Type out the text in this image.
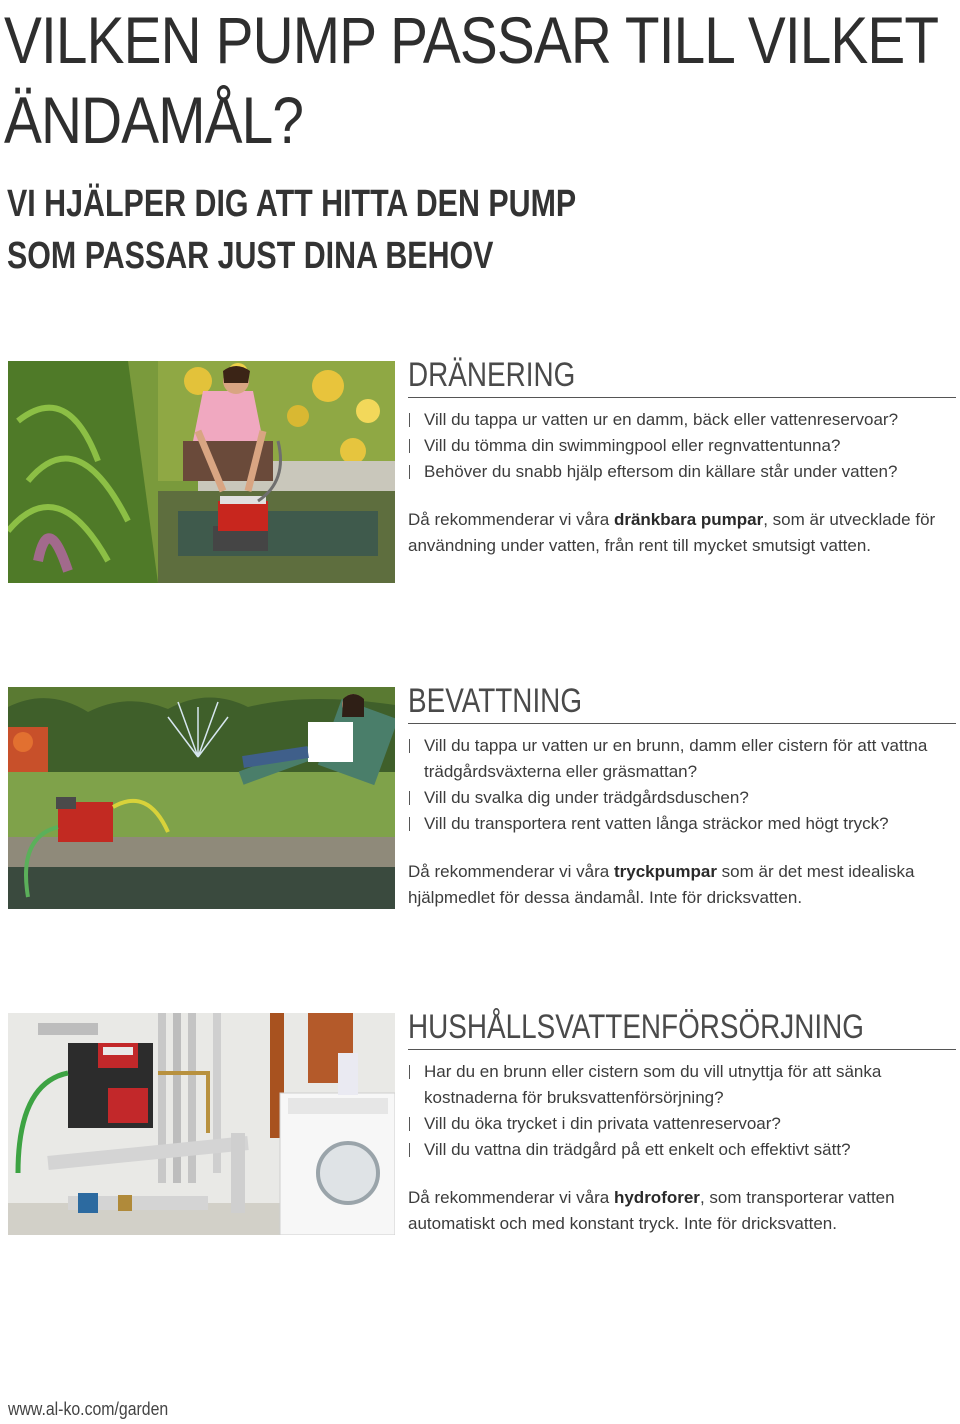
VILKEN PUMP PASSAR TILL VILKET
ÄNDAMÅL?
VI HJÄLPER DIG ATT HITTA DEN PUMP
SOM PASSAR JUST DINA BEHOV
DRÄNERING
Vill du tappa ur vatten ur en damm, bäck eller vattenreservoar?
Vill du tömma din swimmingpool eller regnvattentunna?
Behöver du snabb hjälp eftersom din källare står under vatten?

Då rekommenderar vi våra dränkbara pumpar, som är utvecklade för användning under vatten, från rent till mycket smutsigt vatten.

BEVATTNING
Vill du tappa ur vatten ur en brunn, damm eller cistern för att vattna trädgårdsväxterna eller gräsmattan?
Vill du svalka dig under trädgårdsduschen?
Vill du transportera rent vatten långa sträckor med högt tryck?

Då rekommenderar vi våra tryckpumpar som är det mest idealiska hjälpmedlet för dessa ändamål. Inte för dricksvatten.

HUSHÅLLSVATTENFÖRSÖRJNING
Har du en brunn eller cistern som du vill utnyttja för att sänka kostnaderna för bruksvattenförsörjning?
Vill du öka trycket i din privata vattenreservoar?
Vill du vattna din trädgård på ett enkelt och effektivt sätt?

Då rekommenderar vi våra hydroforer, som transporterar vatten automatiskt och med konstant tryck. Inte för dricksvatten.

www.al-ko.com/garden
